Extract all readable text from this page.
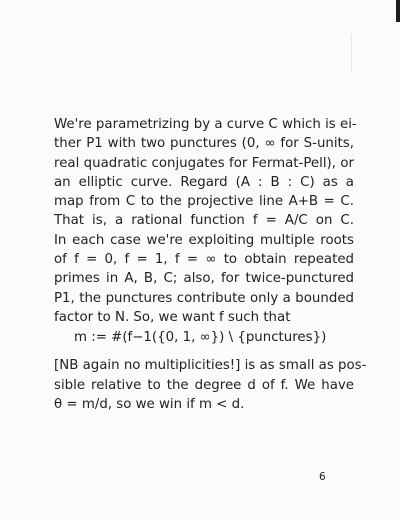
We're parametrizing by a curve C which is ei-
ther P1 with two punctures (0, ∞ for S-units,
real quadratic conjugates for Fermat-Pell), or
an elliptic curve. Regard (A : B : C) as a
map from C to the projective line A+B = C.
That is, a rational function f = A/C on C.
In each case we're exploiting multiple roots
of f = 0, f = 1, f = ∞ to obtain repeated
primes in A, B, C; also, for twice-punctured
P1, the punctures contribute only a bounded
factor to N. So, we want f such that
m := #(f−1({0, 1, ∞}) \ {punctures})
[NB again no multiplicities!] is as small as pos-
sible relative to the degree d of f. We have
θ = m/d, so we win if m < d.
6
